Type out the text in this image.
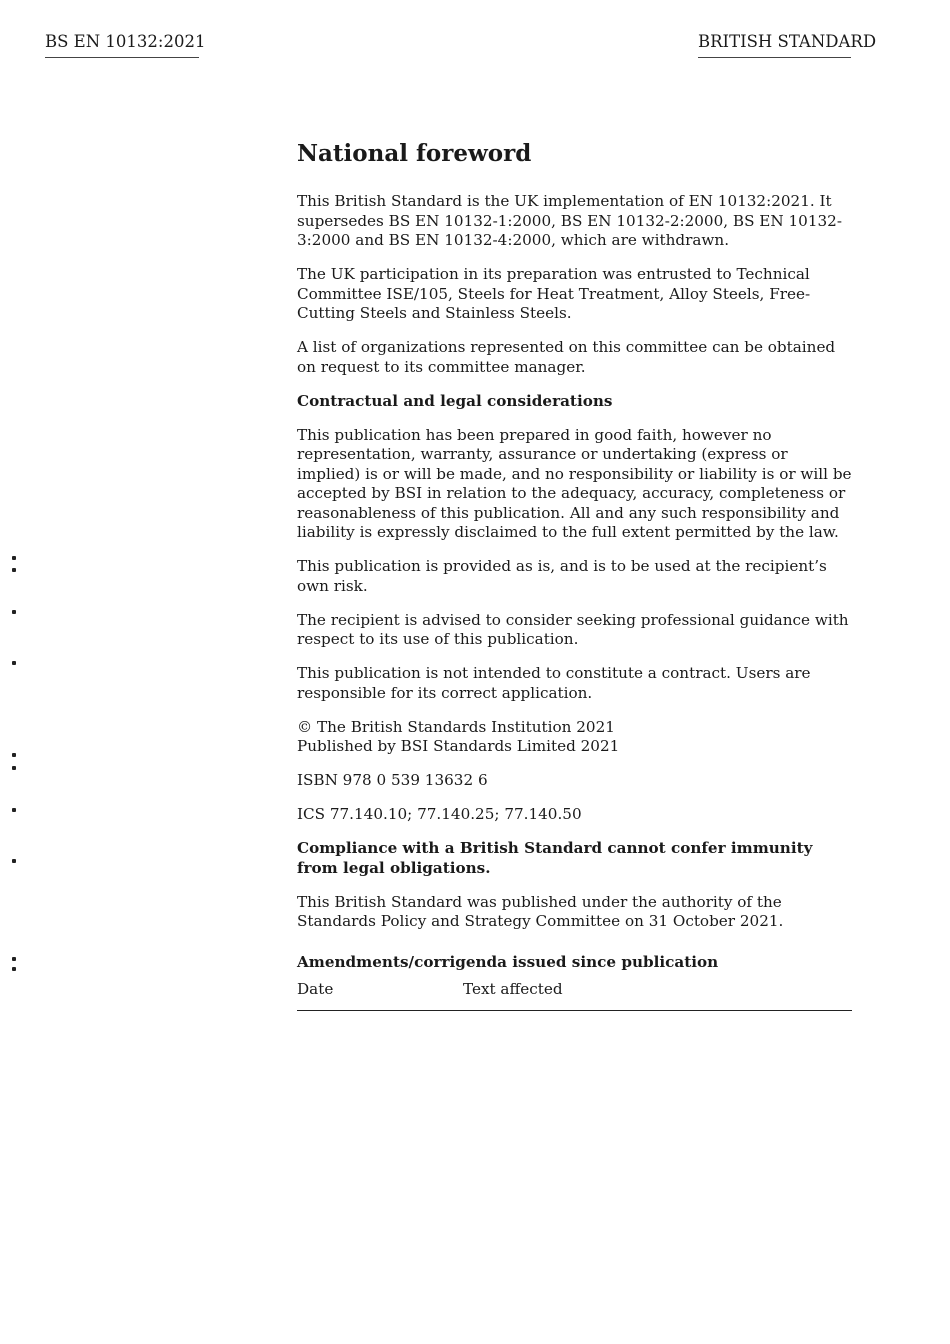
BS EN 10132:2021	BRITISH STANDARD
National foreword

This British Standard is the UK implementation of EN 10132:2021. It supersedes BS EN 10132-1:2000, BS EN 10132-2:2000, BS EN 10132-3:2000 and BS EN 10132-4:2000, which are withdrawn.

The UK participation in its preparation was entrusted to Technical Committee ISE/105, Steels for Heat Treatment, Alloy Steels, Free-Cutting Steels and Stainless Steels.

A list of organizations represented on this committee can be obtained on request to its committee manager.

Contractual and legal considerations

This publication has been prepared in good faith, however no representation, warranty, assurance or undertaking (express or implied) is or will be made, and no responsibility or liability is or will be accepted by BSI in relation to the adequacy, accuracy, completeness or reasonableness of this publication. All and any such responsibility and liability is expressly disclaimed to the full extent permitted by the law.

This publication is provided as is, and is to be used at the recipient’s own risk.

The recipient is advised to consider seeking professional guidance with respect to its use of this publication.

This publication is not intended to constitute a contract. Users are responsible for its correct application.

© The British Standards Institution 2021
Published by BSI Standards Limited 2021

ISBN 978 0 539 13632 6

ICS 77.140.10; 77.140.25; 77.140.50

Compliance with a British Standard cannot confer immunity from legal obligations.

This British Standard was published under the authority of the Standards Policy and Strategy Committee on 31 October 2021.

Amendments/corrigenda issued since publication
Date	Text affected
